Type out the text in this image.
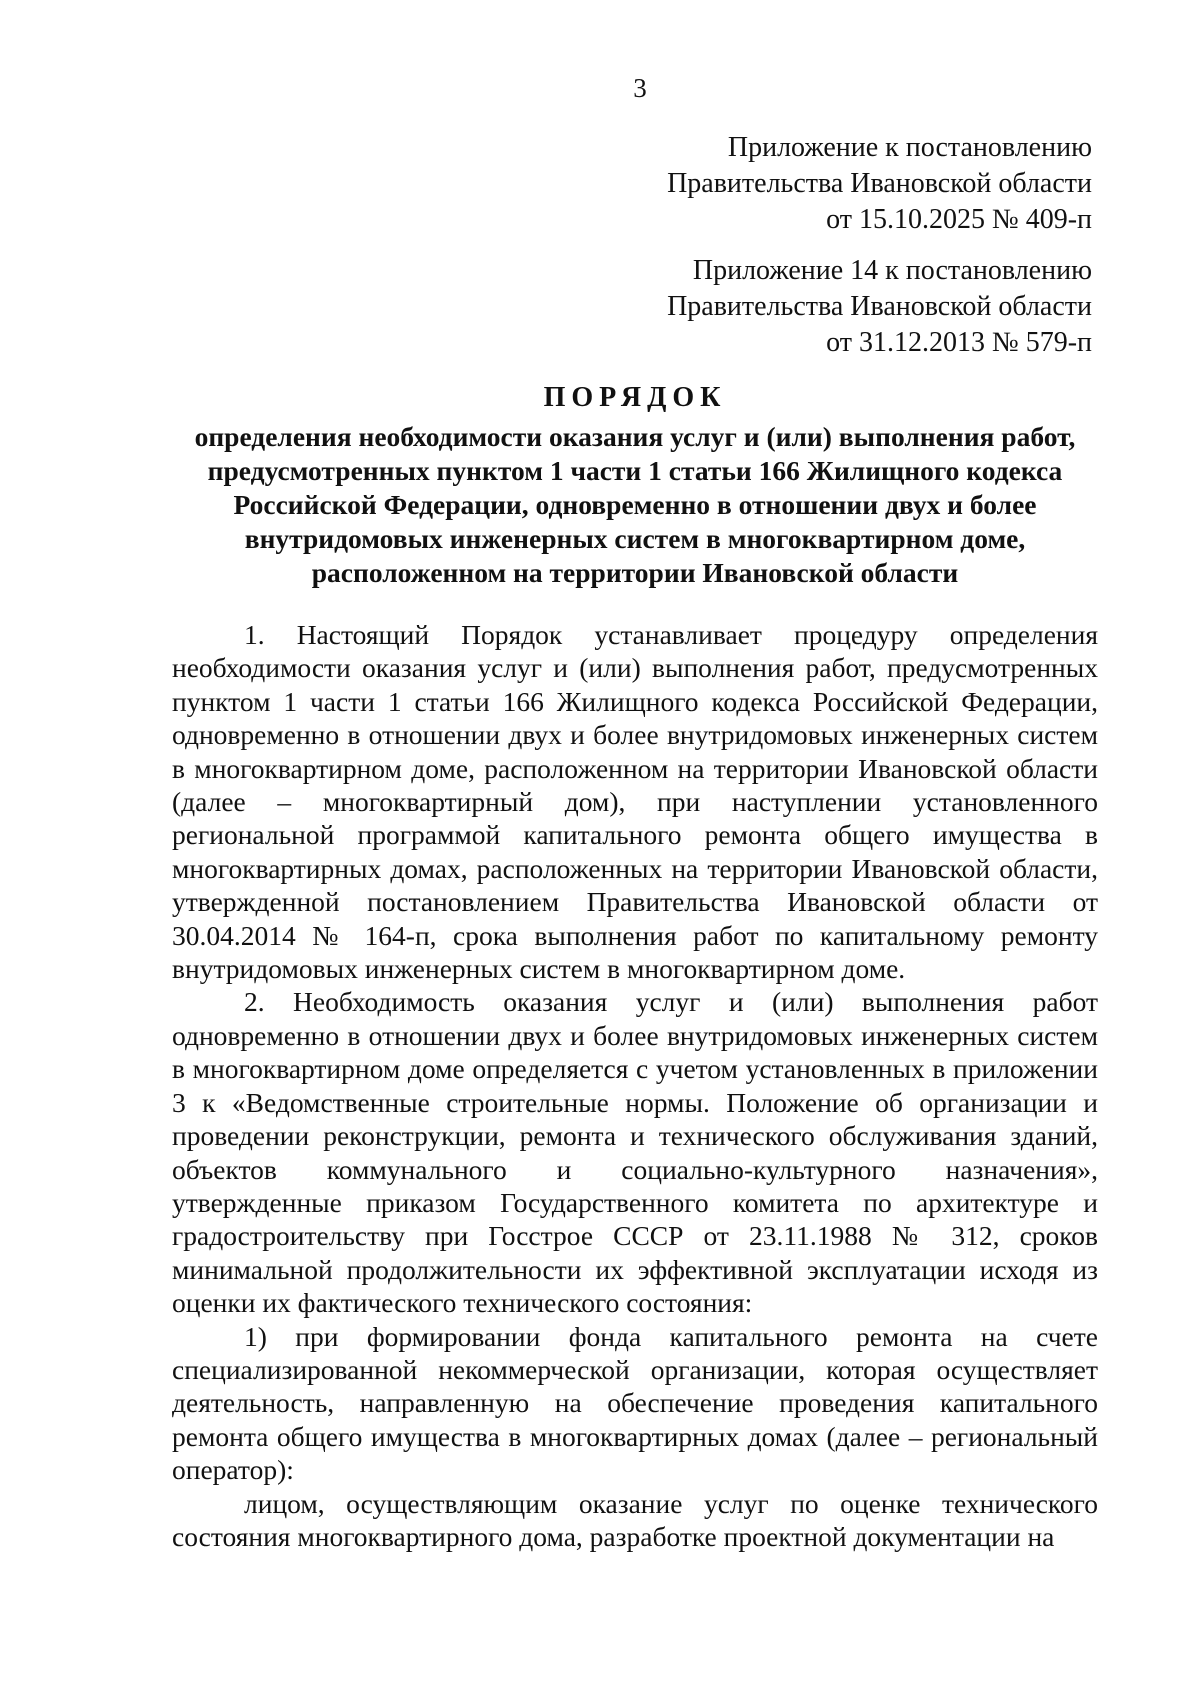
3
Приложение к постановлению
Правительства Ивановской области
от 15.10.2025 № 409-п
Приложение 14 к постановлению
Правительства Ивановской области
от 31.12.2013 № 579-п
ПОРЯДОК
определения необходимости оказания услуг и (или) выполнения работ,
предусмотренных пунктом 1 части 1 статьи 166 Жилищного кодекса
Российской Федерации, одновременно в отношении двух и более
внутридомовых инженерных систем в многоквартирном доме,
расположенном на территории Ивановской области

1. Настоящий Порядок устанавливает процедуру определения необходимости оказания услуг и (или) выполнения работ, предусмотренных пунктом 1 части 1 статьи 166 Жилищного кодекса Российской Федерации, одновременно в отношении двух и более внутридомовых инженерных систем в многоквартирном доме, расположенном на территории Ивановской области (далее – многоквартирный дом), при наступлении установленного региональной программой капитального ремонта общего имущества в многоквартирных домах, расположенных на территории Ивановской области, утвержденной постановлением Правительства Ивановской области от 30.04.2014 № 164-п, срока выполнения работ по капитальному ремонту внутридомовых инженерных систем в многоквартирном доме.

2. Необходимость оказания услуг и (или) выполнения работ одновременно в отношении двух и более внутридомовых инженерных систем в многоквартирном доме определяется с учетом установленных в приложении 3 к «Ведомственные строительные нормы. Положение об организации и проведении реконструкции, ремонта и технического обслуживания зданий, объектов коммунального и социально-культурного назначения», утвержденные приказом Государственного комитета по архитектуре и градостроительству при Госстрое СССР от 23.11.1988 № 312, сроков минимальной продолжительности их эффективной эксплуатации исходя из оценки их фактического технического состояния:

1) при формировании фонда капитального ремонта на счете специализированной некоммерческой организации, которая осуществляет деятельность, направленную на обеспечение проведения капитального ремонта общего имущества в многоквартирных домах (далее – региональный оператор):

лицом, осуществляющим оказание услуг по оценке технического состояния многоквартирного дома, разработке проектной документации на
